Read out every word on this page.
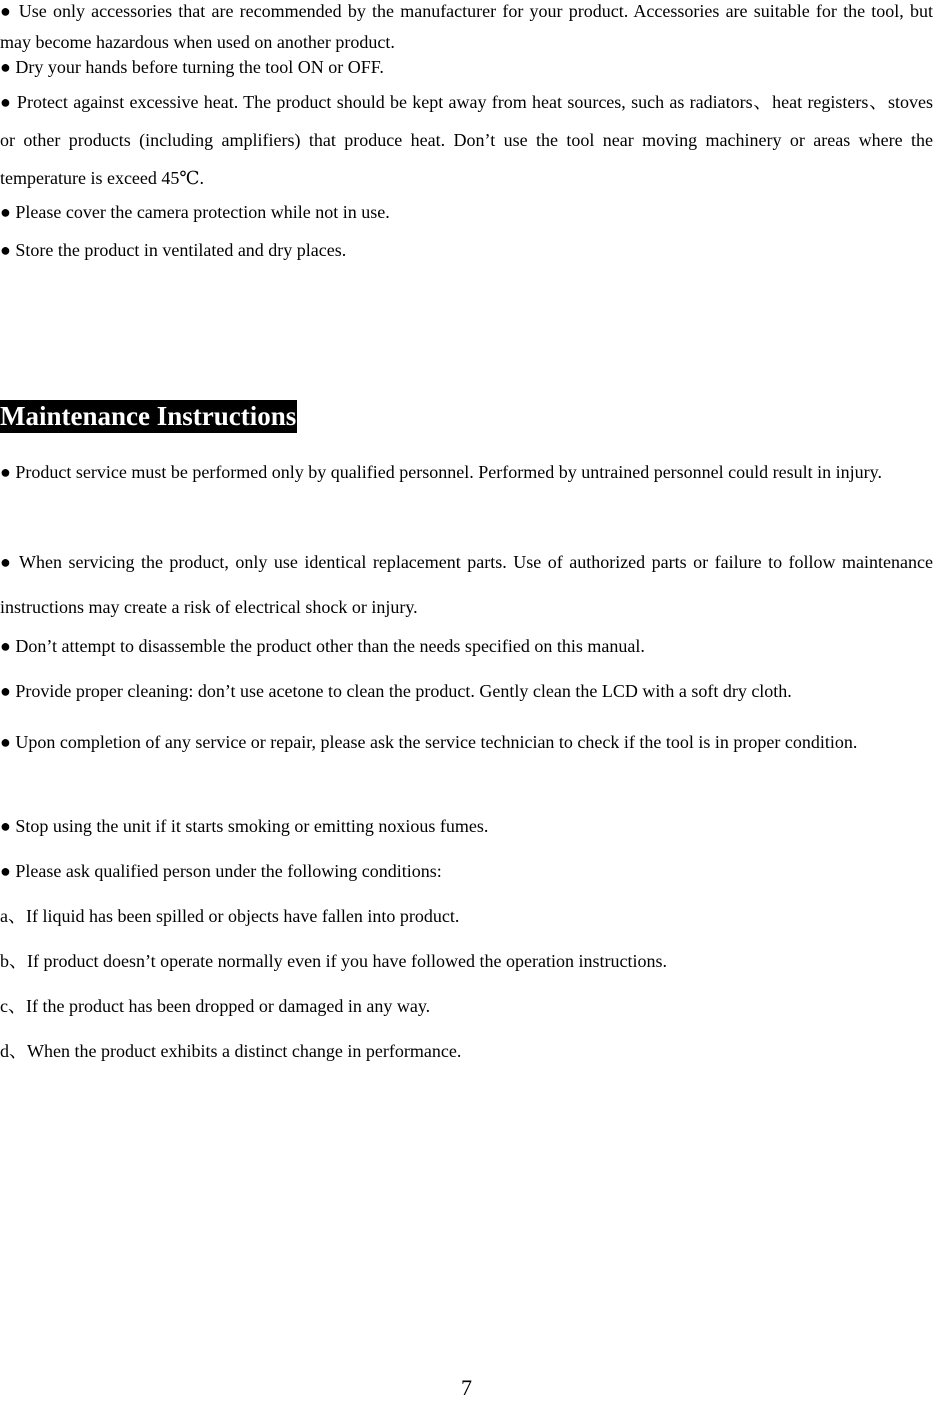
● Use only accessories that are recommended by the manufacturer for your product. Accessories are suitable for the tool, but may become hazardous when used on another product.

● Dry your hands before turning the tool ON or OFF.

● Protect against excessive heat. The product should be kept away from heat sources, such as radiators、heat registers、stoves or other products (including amplifiers) that produce heat. Don’t use the tool near moving machinery or areas where the temperature is exceed 45℃.

● Please cover the camera protection while not in use.

● Store the product in ventilated and dry places.

Maintenance Instructions

● Product service must be performed only by qualified personnel. Performed by untrained personnel could result in injury.

● When servicing the product, only use identical replacement parts. Use of authorized parts or failure to follow maintenance instructions may create a risk of electrical shock or injury.

● Don’t attempt to disassemble the product other than the needs specified on this manual.

● Provide proper cleaning: don’t use acetone to clean the product. Gently clean the LCD with a soft dry cloth.

● Upon completion of any service or repair, please ask the service technician to check if the tool is in proper condition.

● Stop using the unit if it starts smoking or emitting noxious fumes.

● Please ask qualified person under the following conditions:

a、If liquid has been spilled or objects have fallen into product.

b、If product doesn’t operate normally even if you have followed the operation instructions.

c、If the product has been dropped or damaged in any way.

d、When the product exhibits a distinct change in performance.

7
